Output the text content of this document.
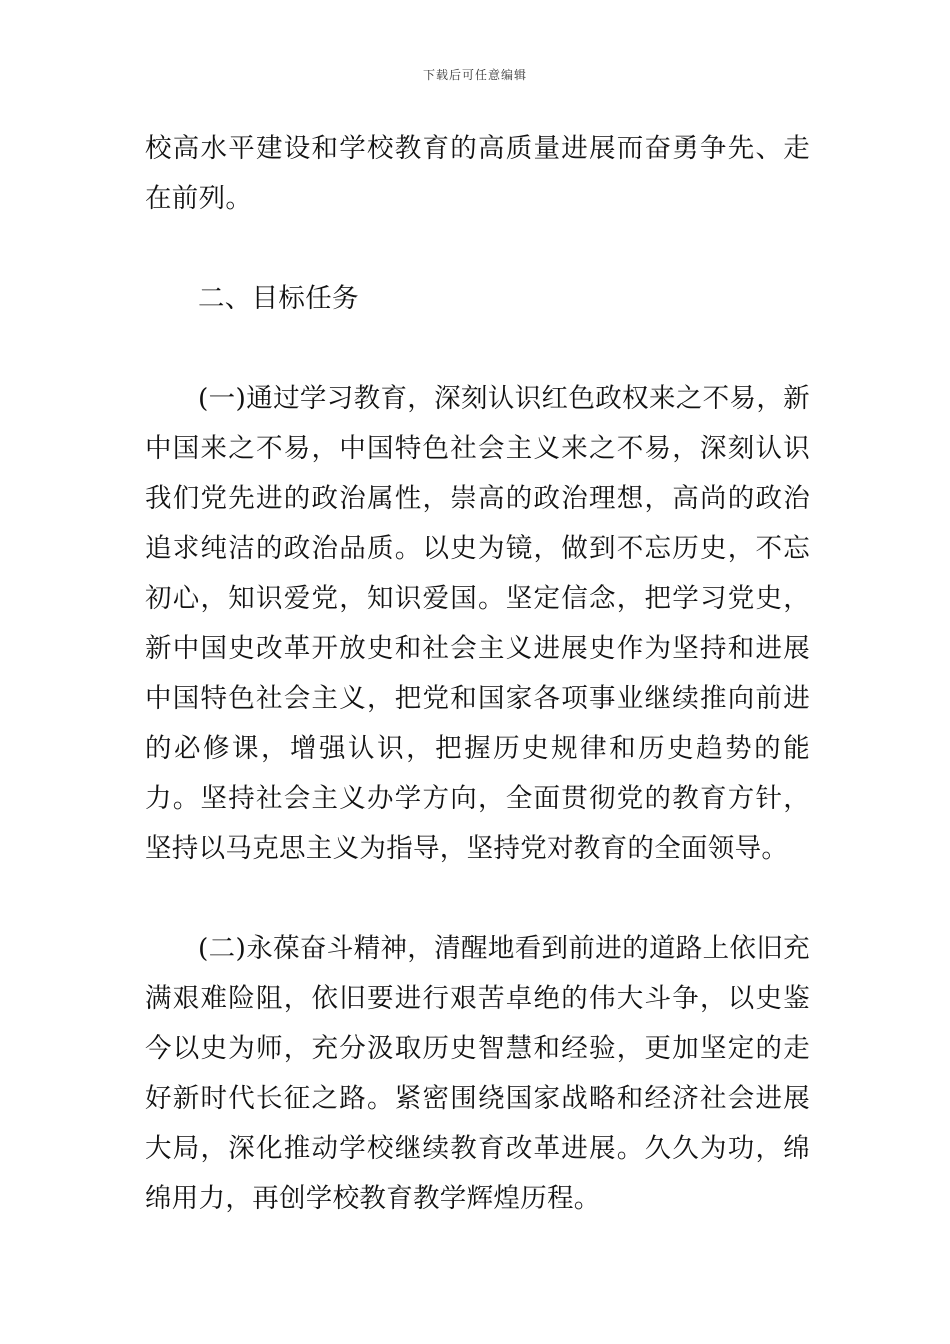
下载后可任意编辑

校高水平建设和学校教育的高质量进展而奋勇争先、走在前列。

二、目标任务

(一)通过学习教育，深刻认识红色政权来之不易，新中国来之不易，中国特色社会主义来之不易，深刻认识我们党先进的政治属性，崇高的政治理想，高尚的政治追求纯洁的政治品质。以史为镜，做到不忘历史，不忘初心，知识爱党，知识爱国。坚定信念，把学习党史，新中国史改革开放史和社会主义进展史作为坚持和进展中国特色社会主义，把党和国家各项事业继续推向前进的必修课，增强认识，把握历史规律和历史趋势的能力。坚持社会主义办学方向，全面贯彻党的教育方针，坚持以马克思主义为指导，坚持党对教育的全面领导。

(二)永葆奋斗精神，清醒地看到前进的道路上依旧充满艰难险阻，依旧要进行艰苦卓绝的伟大斗争，以史鉴今以史为师，充分汲取历史智慧和经验，更加坚定的走好新时代长征之路。紧密围绕国家战略和经济社会进展大局，深化推动学校继续教育改革进展。久久为功，绵绵用力，再创学校教育教学辉煌历程。
